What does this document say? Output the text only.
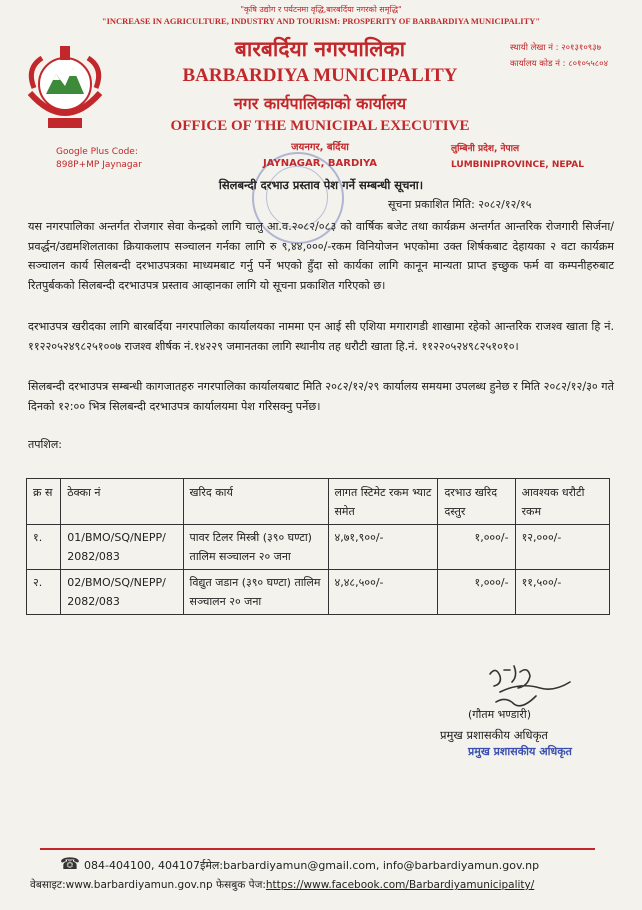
"कृषि उद्योग र पर्यटनमा वृद्धि,बारबर्दिया नगरको समृद्धि"
"INCREASE IN AGRICULTURE, INDUSTRY AND TOURISM: PROSPERITY OF BARBARDIYA MUNICIPALITY"
बारबर्दिया नगरपालिका
BARBARDIYA MUNICIPALITY
नगर कार्यपालिकाको कार्यालय
OFFICE OF THE MUNICIPAL EXECUTIVE
स्थायी लेखा नं : २०१३१०९३७
कार्यालय कोड नं : ८०१०५५८०४
Google Plus Code:
898P+MP Jaynagar
जयनगर, बर्दिया
JAYNAGAR, BARDIYA
लुम्बिनी प्रदेश, नेपाल
LUMBINIPROVINCE, NEPAL
सिलबन्दी दरभाउ प्रस्ताव पेश गर्ने सम्बन्धी सूचना।
सूचना प्रकाशित मिति: २०८२/१२/१५

यस नगरपालिका अन्तर्गत रोजगार सेवा केन्द्रको लागि चालु आ.व.२०८२/०८३ को वार्षिक बजेट तथा कार्यक्रम अन्तर्गत आन्तरिक रोजगारी सिर्जना/प्रवर्द्धन/उद्यमशिलताका क्रियाकलाप सञ्चालन गर्नका लागि रु ९,४४,०००/-रकम विनियोजन भएकोमा उक्त शिर्षकबाट देहायका २ वटा कार्यक्रम सञ्चालन कार्य सिलबन्दी दरभाउपत्रका माध्यमबाट गर्नु पर्ने भएको हुँदा सो कार्यका लागि कानून मान्यता प्राप्त इच्छुक फर्म वा कम्पनीहरुबाट रितपुर्बककाे सिलबन्दी दरभाउपत्र प्रस्ताव आव्हानका लागि यो सूचना प्रकाशित गरिएको छ।

दरभाउपत्र खरीदका लागि बारबर्दिया नगरपालिका कार्यालयका नाममा एन आई सी एशिया मगारागडी शाखामा रहेको आन्तरिक राजश्व खाता हि नं. ११२२०५२४९८२५१००७ राजश्व शीर्षक नं.१४२२९ जमानतका लागि स्थानीय तह धरौटी खाता हि.नं. ११२२०५२४९८२५१०१०।

सिलबन्दी दरभाउपत्र सम्बन्धी कागजातहरु नगरपालिका कार्यालयबाट मिति २०८२/१२/२९ कार्यालय समयमा उपलब्ध हुनेछ र मिति २०८२/१२/३० गते दिनको १२:०० भित्र सिलबन्दी दरभाउपत्र कार्यालयमा पेश गरिसक्नु पर्नेछ।

तपशिल:
क्र स	ठेक्का नं	खरिद कार्य	लागत स्टिमेट रकम भ्याट समेत	दरभाउ खरिद दस्तुर	आवश्यक धरौटी रकम
१.	01/BMO/SQ/NEPP/ 2082/083	पावर टिलर मिस्त्री (३९० घण्टा) तालिम सञ्चालन २० जना	४,७१,९००/-	१,०००/-	१२,०००/-
२.	02/BMO/SQ/NEPP/ 2082/083	विद्युत जडान (३९० घण्टा) तालिम सञ्चालन २० जना	४,४८,५००/-	१,०००/-	११,५००/-
(गौतम भण्डारी)
प्रमुख प्रशासकीय अधिकृत
प्रमुख प्रशासकीय अधिकृत
☎ 084-404100, 404107ईमेल:barbardiyamun@gmail.com, info@barbardiyamun.gov.np
वेबसाइट:www.barbardiyamun.gov.np फेसबुक पेज:https://www.facebook.com/Barbardiyamunicipality/
